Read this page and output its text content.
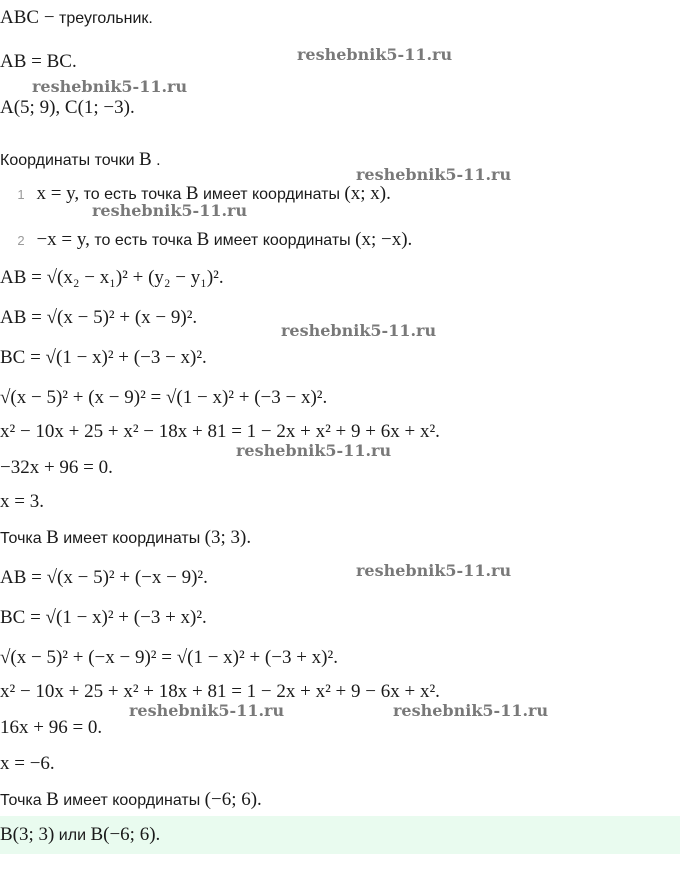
ABC − треугольник.
AB = BC.
A(5; 9), C(1; −3).
Координаты точки B .
1 x = y, то есть точка B имеет координаты (x; x).
2 −x = y, то есть точка B имеет координаты (x; −x).
AB = √(x₂ − x₁)² + (y₂ − y₁)².
AB = √(x − 5)² + (x − 9)².
BC = √(1 − x)² + (−3 − x)².
√(x − 5)² + (x − 9)² = √(1 − x)² + (−3 − x)².
x² − 10x + 25 + x² − 18x + 81 = 1 − 2x + x² + 9 + 6x + x².
−32x + 96 = 0.
x = 3.
Точка B имеет координаты (3; 3).
AB = √(x − 5)² + (−x − 9)².
BC = √(1 − x)² + (−3 + x)².
√(x − 5)² + (−x − 9)² = √(1 − x)² + (−3 + x)².
x² − 10x + 25 + x² + 18x + 81 = 1 − 2x + x² + 9 − 6x + x².
16x + 96 = 0.
x = −6.
Точка B имеет координаты (−6; 6).
B(3; 3) или B(−6; 6).
reshebnik5-11.ru
reshebnik5-11.ru
reshebnik5-11.ru
reshebnik5-11.ru
reshebnik5-11.ru
reshebnik5-11.ru
reshebnik5-11.ru
reshebnik5-11.ru	reshebnik5-11.ru
